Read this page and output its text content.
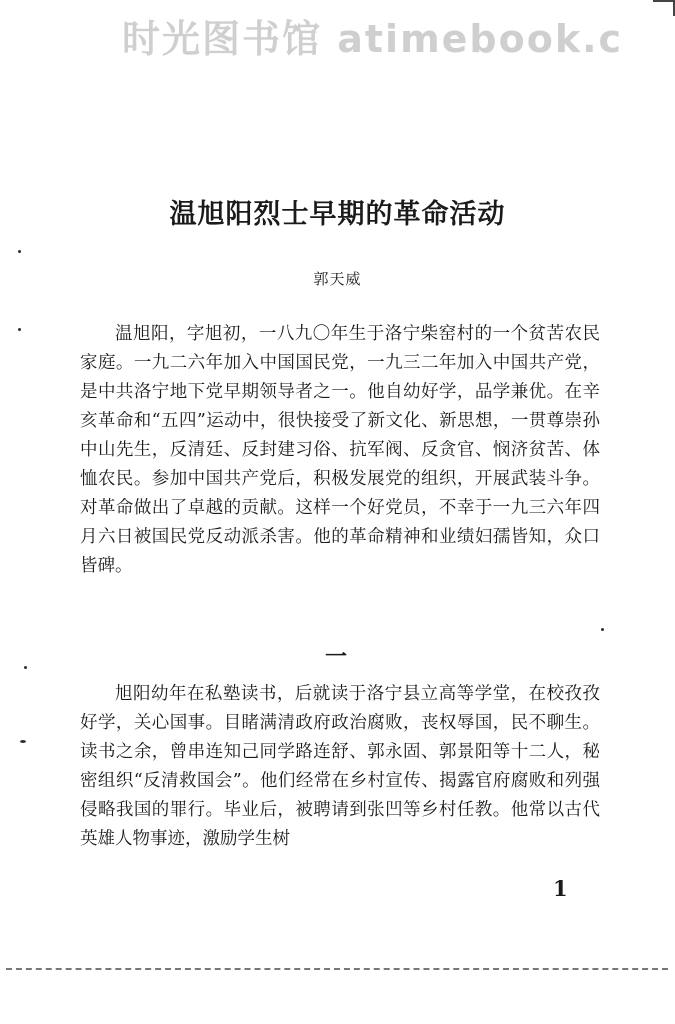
时光图书馆 atimebook.c
温旭阳烈士早期的革命活动
郭天威

温旭阳，字旭初，一八九〇年生于洛宁柴窑村的一个贫苦农民家庭。一九二六年加入中国国民党，一九三二年加入中国共产党，是中共洛宁地下党早期领导者之一。他自幼好学，品学兼优。在辛亥革命和“五四”运动中，很快接受了新文化、新思想，一贯尊崇孙中山先生，反清廷、反封建习俗、抗军阀、反贪官、悯济贫苦、体恤农民。参加中国共产党后，积极发展党的组织，开展武装斗争。对革命做出了卓越的贡献。这样一个好党员，不幸于一九三六年四月六日被国民党反动派杀害。他的革命精神和业绩妇孺皆知，众口皆碑。

一

旭阳幼年在私塾读书，后就读于洛宁县立高等学堂，在校孜孜好学，关心国事。目睹满清政府政治腐败，丧权辱国，民不聊生。读书之余，曾串连知己同学路连舒、郭永固、郭景阳等十二人，秘密组织“反清救国会”。他们经常在乡村宣传、揭露官府腐败和列强侵略我国的罪行。毕业后，被聘请到张凹等乡村任教。他常以古代英雄人物事迹，激励学生树

1
